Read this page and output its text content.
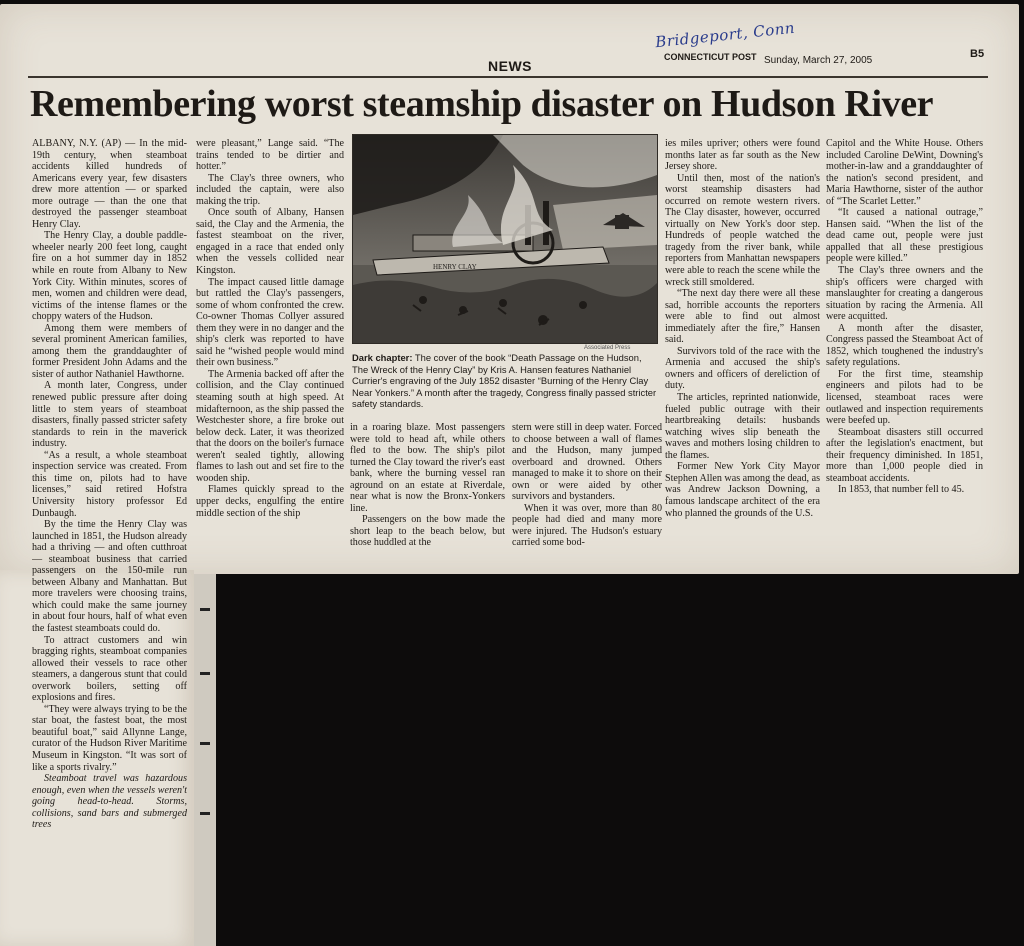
Bridgeport, Conn
NEWS
CONNECTICUT POST Sunday, March 27, 2005
B5
Remembering worst steamship disaster on Hudson River
HENRY CLAY
Associated Press
Dark chapter: The cover of the book “Death Passage on the Hudson, The Wreck of the Henry Clay” by Kris A. Hansen features Nathaniel Currier's engraving of the July 1852 disaster “Burning of the Henry Clay Near Yonkers.” A month after the tragedy, Congress finally passed stricter safety standards.

ALBANY, N.Y. (AP) — In the mid-19th century, when steamboat accidents killed hundreds of Americans every year, few disasters drew more attention — or sparked more outrage — than the one that destroyed the passenger steamboat Henry Clay.

The Henry Clay, a double paddle-wheeler nearly 200 feet long, caught fire on a hot summer day in 1852 while en route from Albany to New York City. Within minutes, scores of men, women and children were dead, victims of the intense flames or the choppy waters of the Hudson.

Among them were members of several prominent American families, among them the granddaughter of former President John Adams and the sister of author Nathaniel Hawthorne.

A month later, Congress, under renewed public pressure after doing little to stem years of steamboat disasters, finally passed stricter safety standards to rein in the maverick industry.

“As a result, a whole steamboat inspection service was created. From this time on, pilots had to have licenses,” said retired Hofstra University history professor Ed Dunbaugh.

By the time the Henry Clay was launched in 1851, the Hudson already had a thriving — and often cutthroat — steamboat business that carried passengers on the 150-mile run between Albany and Manhattan. But more travelers were choosing trains, which could make the same journey in about four hours, half of what even the fastest steamboats could do.

To attract customers and win bragging rights, steamboat companies allowed their vessels to race other steamers, a dangerous stunt that could overwork boilers, setting off explosions and fires.

“They were always trying to be the star boat, the fastest boat, the most beautiful boat,” said Allynne Lange, curator of the Hudson River Maritime Museum in Kingston. “It was sort of like a sports rivalry.”

Steamboat travel was hazardous enough, even when the vessels weren't going head-to-head. Storms, collisions, sand bars and submerged trees

were pleasant,” Lange said. “The trains tended to be dirtier and hotter.”

The Clay's three owners, who included the captain, were also making the trip.

Once south of Albany, Hansen said, the Clay and the Armenia, the fastest steamboat on the river, engaged in a race that ended only when the vessels collided near Kingston.

The impact caused little damage but rattled the Clay's passengers, some of whom confronted the crew. Co-owner Thomas Collyer assured them they were in no danger and the ship's clerk was reported to have said he “wished people would mind their own business.”

The Armenia backed off after the collision, and the Clay continued steaming south at high speed. At midafternoon, as the ship passed the Westchester shore, a fire broke out below deck. Later, it was theorized that the doors on the boiler's furnace weren't sealed tightly, allowing flames to lash out and set fire to the wooden ship.

Flames quickly spread to the upper decks, engulfing the entire middle section of the ship

in a roaring blaze. Most passengers were told to head aft, while others fled to the bow. The ship's pilot turned the Clay toward the river's east bank, where the burning vessel ran aground on an estate at Riverdale, near what is now the Bronx-Yonkers line.

Passengers on the bow made the short leap to the beach below, but those huddled at the

stern were still in deep water. Forced to choose between a wall of flames and the Hudson, many jumped overboard and drowned. Others managed to make it to shore on their own or were aided by other survivors and bystanders.

When it was over, more than 80 people had died and many more were injured. The Hudson's estuary carried some bod-

ies miles upriver; others were found months later as far south as the New Jersey shore.

Until then, most of the nation's worst steamship disasters had occurred on remote western rivers. The Clay disaster, however, occurred virtually on New York's door step. Hundreds of people watched the tragedy from the river bank, while reporters from Manhattan newspapers were able to reach the scene while the wreck still smoldered.

“The next day there were all these sad, horrible accounts the reporters were able to find out almost immediately after the fire,” Hansen said.

Survivors told of the race with the Armenia and accused the ship's owners and officers of dereliction of duty.

The articles, reprinted nationwide, fueled public outrage with their heartbreaking details: husbands watching wives slip beneath the waves and mothers losing children to the flames.

Former New York City Mayor Stephen Allen was among the dead, as was Andrew Jackson Downing, a famous landscape architect of the era who planned the grounds of the U.S.

Capitol and the White House. Others included Caroline DeWint, Downing's mother-in-law and a granddaughter of the nation's second president, and Maria Hawthorne, sister of the author of “The Scarlet Letter.”

“It caused a national outrage,” Hansen said. “When the list of the dead came out, people were just appalled that all these prestigious people were killed.”

The Clay's three owners and the ship's officers were charged with manslaughter for creating a dangerous situation by racing the Armenia. All were acquitted.

A month after the disaster, Congress passed the Steamboat Act of 1852, which toughened the industry's safety regulations.

For the first time, steamship engineers and pilots had to be licensed, steamboat races were outlawed and inspection requirements were beefed up.

Steamboat disasters still occurred after the legislation's enactment, but their frequency diminished. In 1851, more than 1,000 people died in steamboat accidents.

In 1853, that number fell to 45.
